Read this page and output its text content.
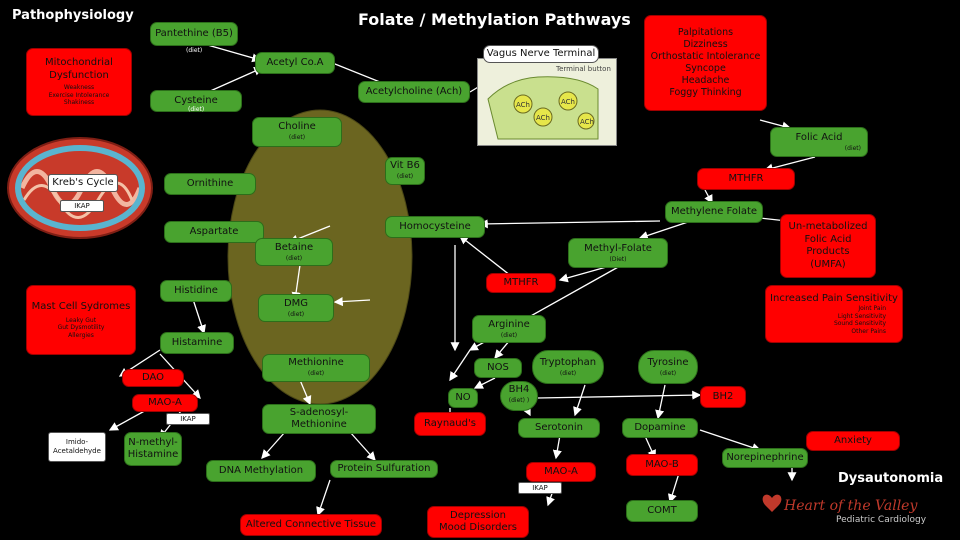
Pathophysiology	Folate / Methylation Pathways
Dysautonomia
Pantethine (B5)
(diet)
Mitochondrial Dysfunction
Weakness
Exercise Intolerance
Shakiness
Acetyl Co.A
Vagus Nerve Terminal
ACh
ACh
ACh
ACh
Terminal button
Palpitations
Dizziness
Orthostatic Intolerance
Syncope
Headache
Foggy Thinking
Cysteine
(diet)
Acetylcholine (Ach)
Choline
(diet)	Folic Acid
(diet)
Kreb's Cycle
IKAP
Ornithine
Vit B6
(diet)	MTHFR
Methylene Folate
Aspartate	Homocysteine	Un-metabolized
Folic Acid
Products
(UMFA)
Betaine
(diet)
Methyl-Folate
(Diet)
Histidine
MTHFR
Mast Cell Sydromes
Leaky Gut
Gut Dysmotility
Allergies
DMG
(diet)
Increased Pain Sensitivity
Joint Pain
Light Sensitivity
Sound Sensitivity
Other Pains
Arginine
(diet)
Histamine
Methionine
(diet)
NOS	Tryptophan
(diet)
Tyrosine
(diet)
DAO
NO
BH4
(diet) )	BH2
MAO-A
IKAP
S-adenosyl-
Methionine	Raynaud's	Serotonin	Dopamine
Imido-
Acetaldehyde
N-methyl-
Histamine
Anxiety
DNA Methylation	Protein Sulfuration	MAO-A
IKAP
MAO-B
Norepinephrine
Altered Connective Tissue
Depression
Mood Disorders
COMT	Heart of the Valley
Pediatric Cardiology
